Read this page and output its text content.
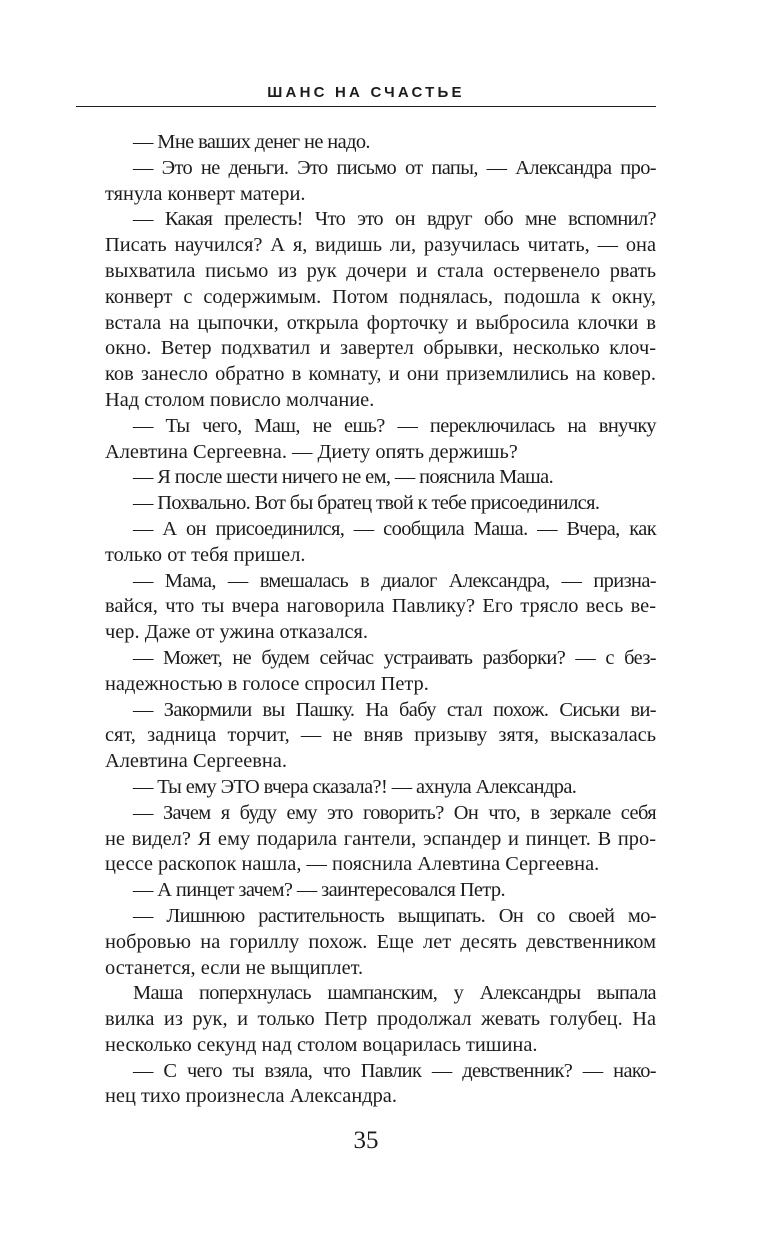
ШАНС НА СЧАСТЬЕ
— Мне ваших денег не надо.
— Это не деньги. Это письмо от папы, — Александра про-
тянула конверт матери.
— Какая прелесть! Что это он вдруг обо мне вспомнил?
Писать научился? А я, видишь ли, разучилась читать, — она
выхватила письмо из рук дочери и стала остервенело рвать
конверт с содержимым. Потом поднялась, подошла к окну,
встала на цыпочки, открыла форточку и выбросила клочки в
окно. Ветер подхватил и завертел обрывки, несколько клоч-
ков занесло обратно в комнату, и они приземлились на ковер.
Над столом повисло молчание.
— Ты чего, Маш, не ешь? — переключилась на внучку
Алевтина Сергеевна. — Диету опять держишь?
— Я после шести ничего не ем, — пояснила Маша.
— Похвально. Вот бы братец твой к тебе присоединился.
— А он присоединился, — сообщила Маша. — Вчера, как
только от тебя пришел.
— Мама, — вмешалась в диалог Александра, — призна-
вайся, что ты вчера наговорила Павлику? Его трясло весь ве-
чер. Даже от ужина отказался.
— Может, не будем сейчас устраивать разборки? — с без-
надежностью в голосе спросил Петр.
— Закормили вы Пашку. На бабу стал похож. Сиськи ви-
сят, задница торчит, — не вняв призыву зятя, высказалась
Алевтина Сергеевна.
— Ты ему ЭТО вчера сказала?! — ахнула Александра.
— Зачем я буду ему это говорить? Он что, в зеркале себя
не видел? Я ему подарила гантели, эспандер и пинцет. В про-
цессе раскопок нашла, — пояснила Алевтина Сергеевна.
— А пинцет зачем? — заинтересовался Петр.
— Лишнюю растительность выщипать. Он со своей мо-
нобровью на гориллу похож. Еще лет десять девственником
останется, если не выщиплет.
Маша поперхнулась шампанским, у Александры выпала
вилка из рук, и только Петр продолжал жевать голубец. На
несколько секунд над столом воцарилась тишина.
— С чего ты взяла, что Павлик — девственник? — нако-
нец тихо произнесла Александра.
35
